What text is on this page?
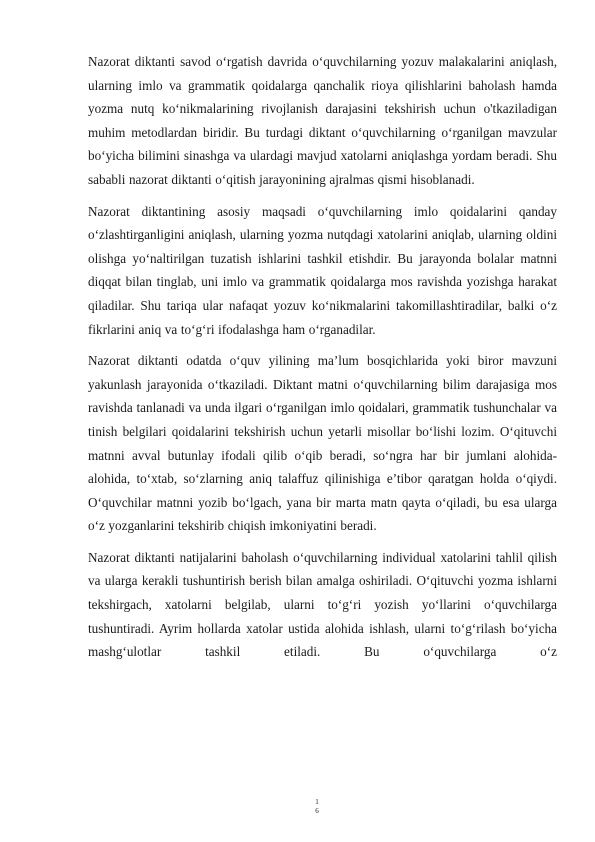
Nazorat diktanti savod o‘rgatish davrida o‘quvchilarning yozuv malakalarini aniqlash, ularning imlo va grammatik qoidalarga qanchalik rioya qilishlarini baholash hamda yozma nutq ko‘nikmalarining rivojlanish darajasini tekshirish uchun o'tkaziladigan muhim metodlardan biridir. Bu turdagi diktant o‘quvchilarning o‘rganilgan mavzular bo‘yicha bilimini sinashga va ulardagi mavjud xatolarni aniqlashga yordam beradi. Shu sababli nazorat diktanti o‘qitish jarayonining ajralmas qismi hisoblanadi.

Nazorat diktantining asosiy maqsadi o‘quvchilarning imlo qoidalarini qanday o‘zlashtirganligini aniqlash, ularning yozma nutqdagi xatolarini aniqlab, ularning oldini olishga yo‘naltirilgan tuzatish ishlarini tashkil etishdir. Bu jarayonda bolalar matnni diqqat bilan tinglab, uni imlo va grammatik qoidalarga mos ravishda yozishga harakat qiladilar. Shu tariqa ular nafaqat yozuv ko‘nikmalarini takomillashtiradilar, balki o‘z fikrlarini aniq va to‘g‘ri ifodalashga ham o‘rganadilar.

Nazorat diktanti odatda o‘quv yilining ma’lum bosqichlarida yoki biror mavzuni yakunlash jarayonida o‘tkaziladi. Diktant matni o‘quvchilarning bilim darajasiga mos ravishda tanlanadi va unda ilgari o‘rganilgan imlo qoidalari, grammatik tushunchalar va tinish belgilari qoidalarini tekshirish uchun yetarli misollar bo‘lishi lozim. O‘qituvchi matnni avval butunlay ifodali qilib o‘qib beradi, so‘ngra har bir jumlani alohida-alohida, to‘xtab, so‘zlarning aniq talaffuz qilinishiga e’tibor qaratgan holda o‘qiydi. O‘quvchilar matnni yozib bo‘lgach, yana bir marta matn qayta o‘qiladi, bu esa ularga o‘z yozganlarini tekshirib chiqish imkoniyatini beradi.

Nazorat diktanti natijalarini baholash o‘quvchilarning individual xatolarini tahlil qilish va ularga kerakli tushuntirish berish bilan amalga oshiriladi. O‘qituvchi yozma ishlarni tekshirgach, xatolarni belgilab, ularni to‘g‘ri yozish yo‘llarini o‘quvchilarga tushuntiradi. Ayrim hollarda xatolar ustida alohida ishlash, ularni to‘g‘rilash bo‘yicha mashg‘ulotlar tashkil etiladi. Bu o‘quvchilarga o‘z

1
6
